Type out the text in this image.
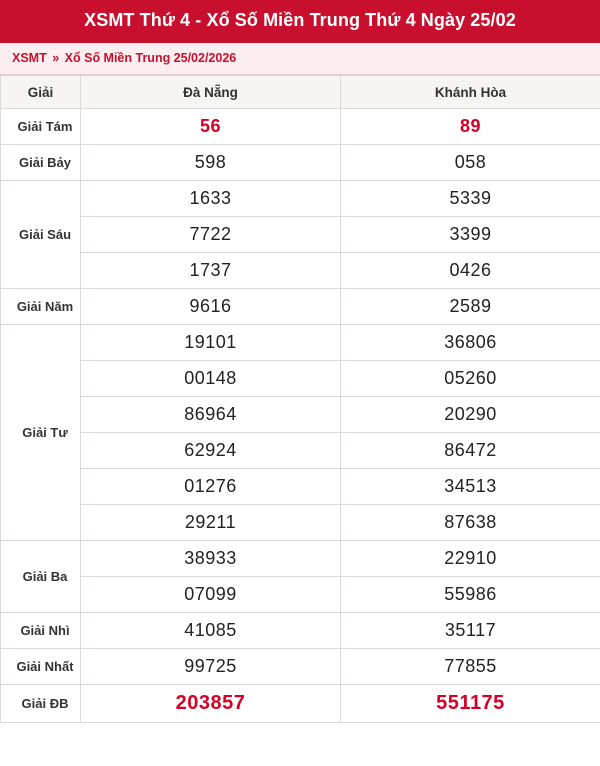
XSMT Thứ 4 - Xổ Số Miền Trung Thứ 4 Ngày 25/02
XSMT » Xổ Số Miền Trung 25/02/2026
Giải	Đà Nẵng	Khánh Hòa
Giải Tám	56	89
Giải Bảy	598	058
Giải Sáu	1633	5339
	7722	3399
	1737	0426
Giải Năm	9616	2589
Giải Tư	19101	36806
	00148	05260
	86964	20290
	62924	86472
	01276	34513
	29211	87638
Giải Ba	38933	22910
	07099	55986
Giải Nhì	41085	35117
Giải Nhất	99725	77855
Giải ĐB	203857	551175
